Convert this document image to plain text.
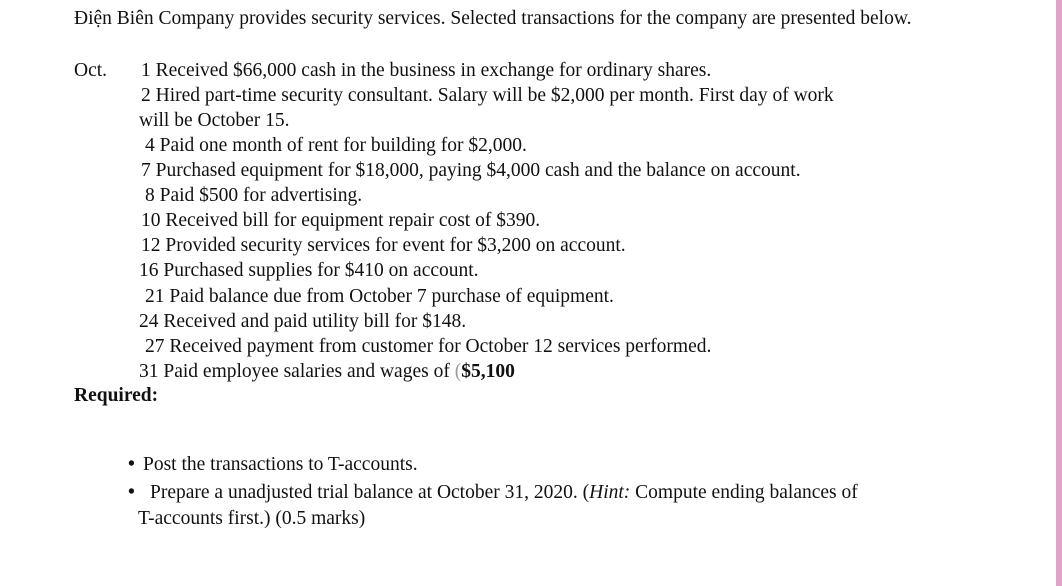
Điện Biên Company provides security services. Selected transactions for the company are presented below.
Oct. 1 Received $66,000 cash in the business in exchange for ordinary shares.
2 Hired part-time security consultant. Salary will be $2,000 per month. First day of work
will be October 15.
4 Paid one month of rent for building for $2,000.
7 Purchased equipment for $18,000, paying $4,000 cash and the balance on account.
8 Paid $500 for advertising.
10 Received bill for equipment repair cost of $390.
12 Provided security services for event for $3,200 on account.
16 Purchased supplies for $410 on account.
21 Paid balance due from October 7 purchase of equipment.
24 Received and paid utility bill for $148.
27 Received payment from customer for October 12 services performed.
31 Paid employee salaries and wages of ($5,100
Required:
• Post the transactions to T-accounts.
• Prepare a unadjusted trial balance at October 31, 2020. (Hint: Compute ending balances of
T-accounts first.) (0.5 marks)
